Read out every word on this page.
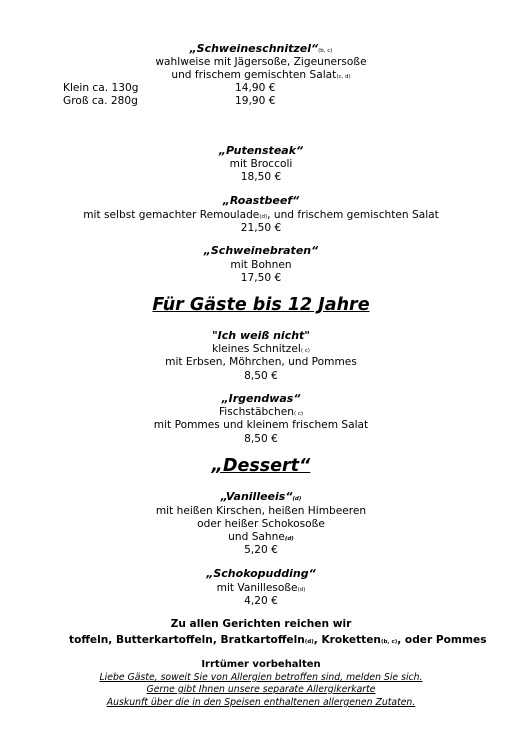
„Schweineschnitzel“(b, c)
wahlweise mit Jägersoße, Zigeunersoße
und frischem gemischten Salat(c, d)
Klein ca. 130g	14,90 €
Groß ca. 280g	19,90 €
„Putensteak“
mit Broccoli
18,50 €
„Roastbeef“
mit selbst gemachter Remoulade(d), und frischem gemischten Salat
21,50 €
„Schweinebraten“
mit Bohnen
17,50 €
Für Gäste bis 12 Jahre
"Ich weiß nicht"
kleines Schnitzel( c)
mit Erbsen, Möhrchen, und Pommes
8,50 €
„Irgendwas“
Fischstäbchen( c)
mit Pommes und kleinem frischem Salat
8,50 €
„Dessert“
„Vanilleeis“(d)
mit heißen Kirschen, heißen Himbeeren
oder heißer Schokosoße
und Sahne(d)
5,20 €
„Schokopudding“
mit Vanillesoße(d)
4,20 €
Zu allen Gerichten reichen wir
toffeln, Butterkartoffeln, Bratkartoffeln(d), Kroketten(b, c), oder Pommes
Irrtümer vorbehalten
Liebe Gäste, soweit Sie von Allergien betroffen sind, melden Sie sich.
Gerne gibt Ihnen unsere separate Allergikerkarte
Auskunft über die in den Speisen enthaltenen allergenen Zutaten.
